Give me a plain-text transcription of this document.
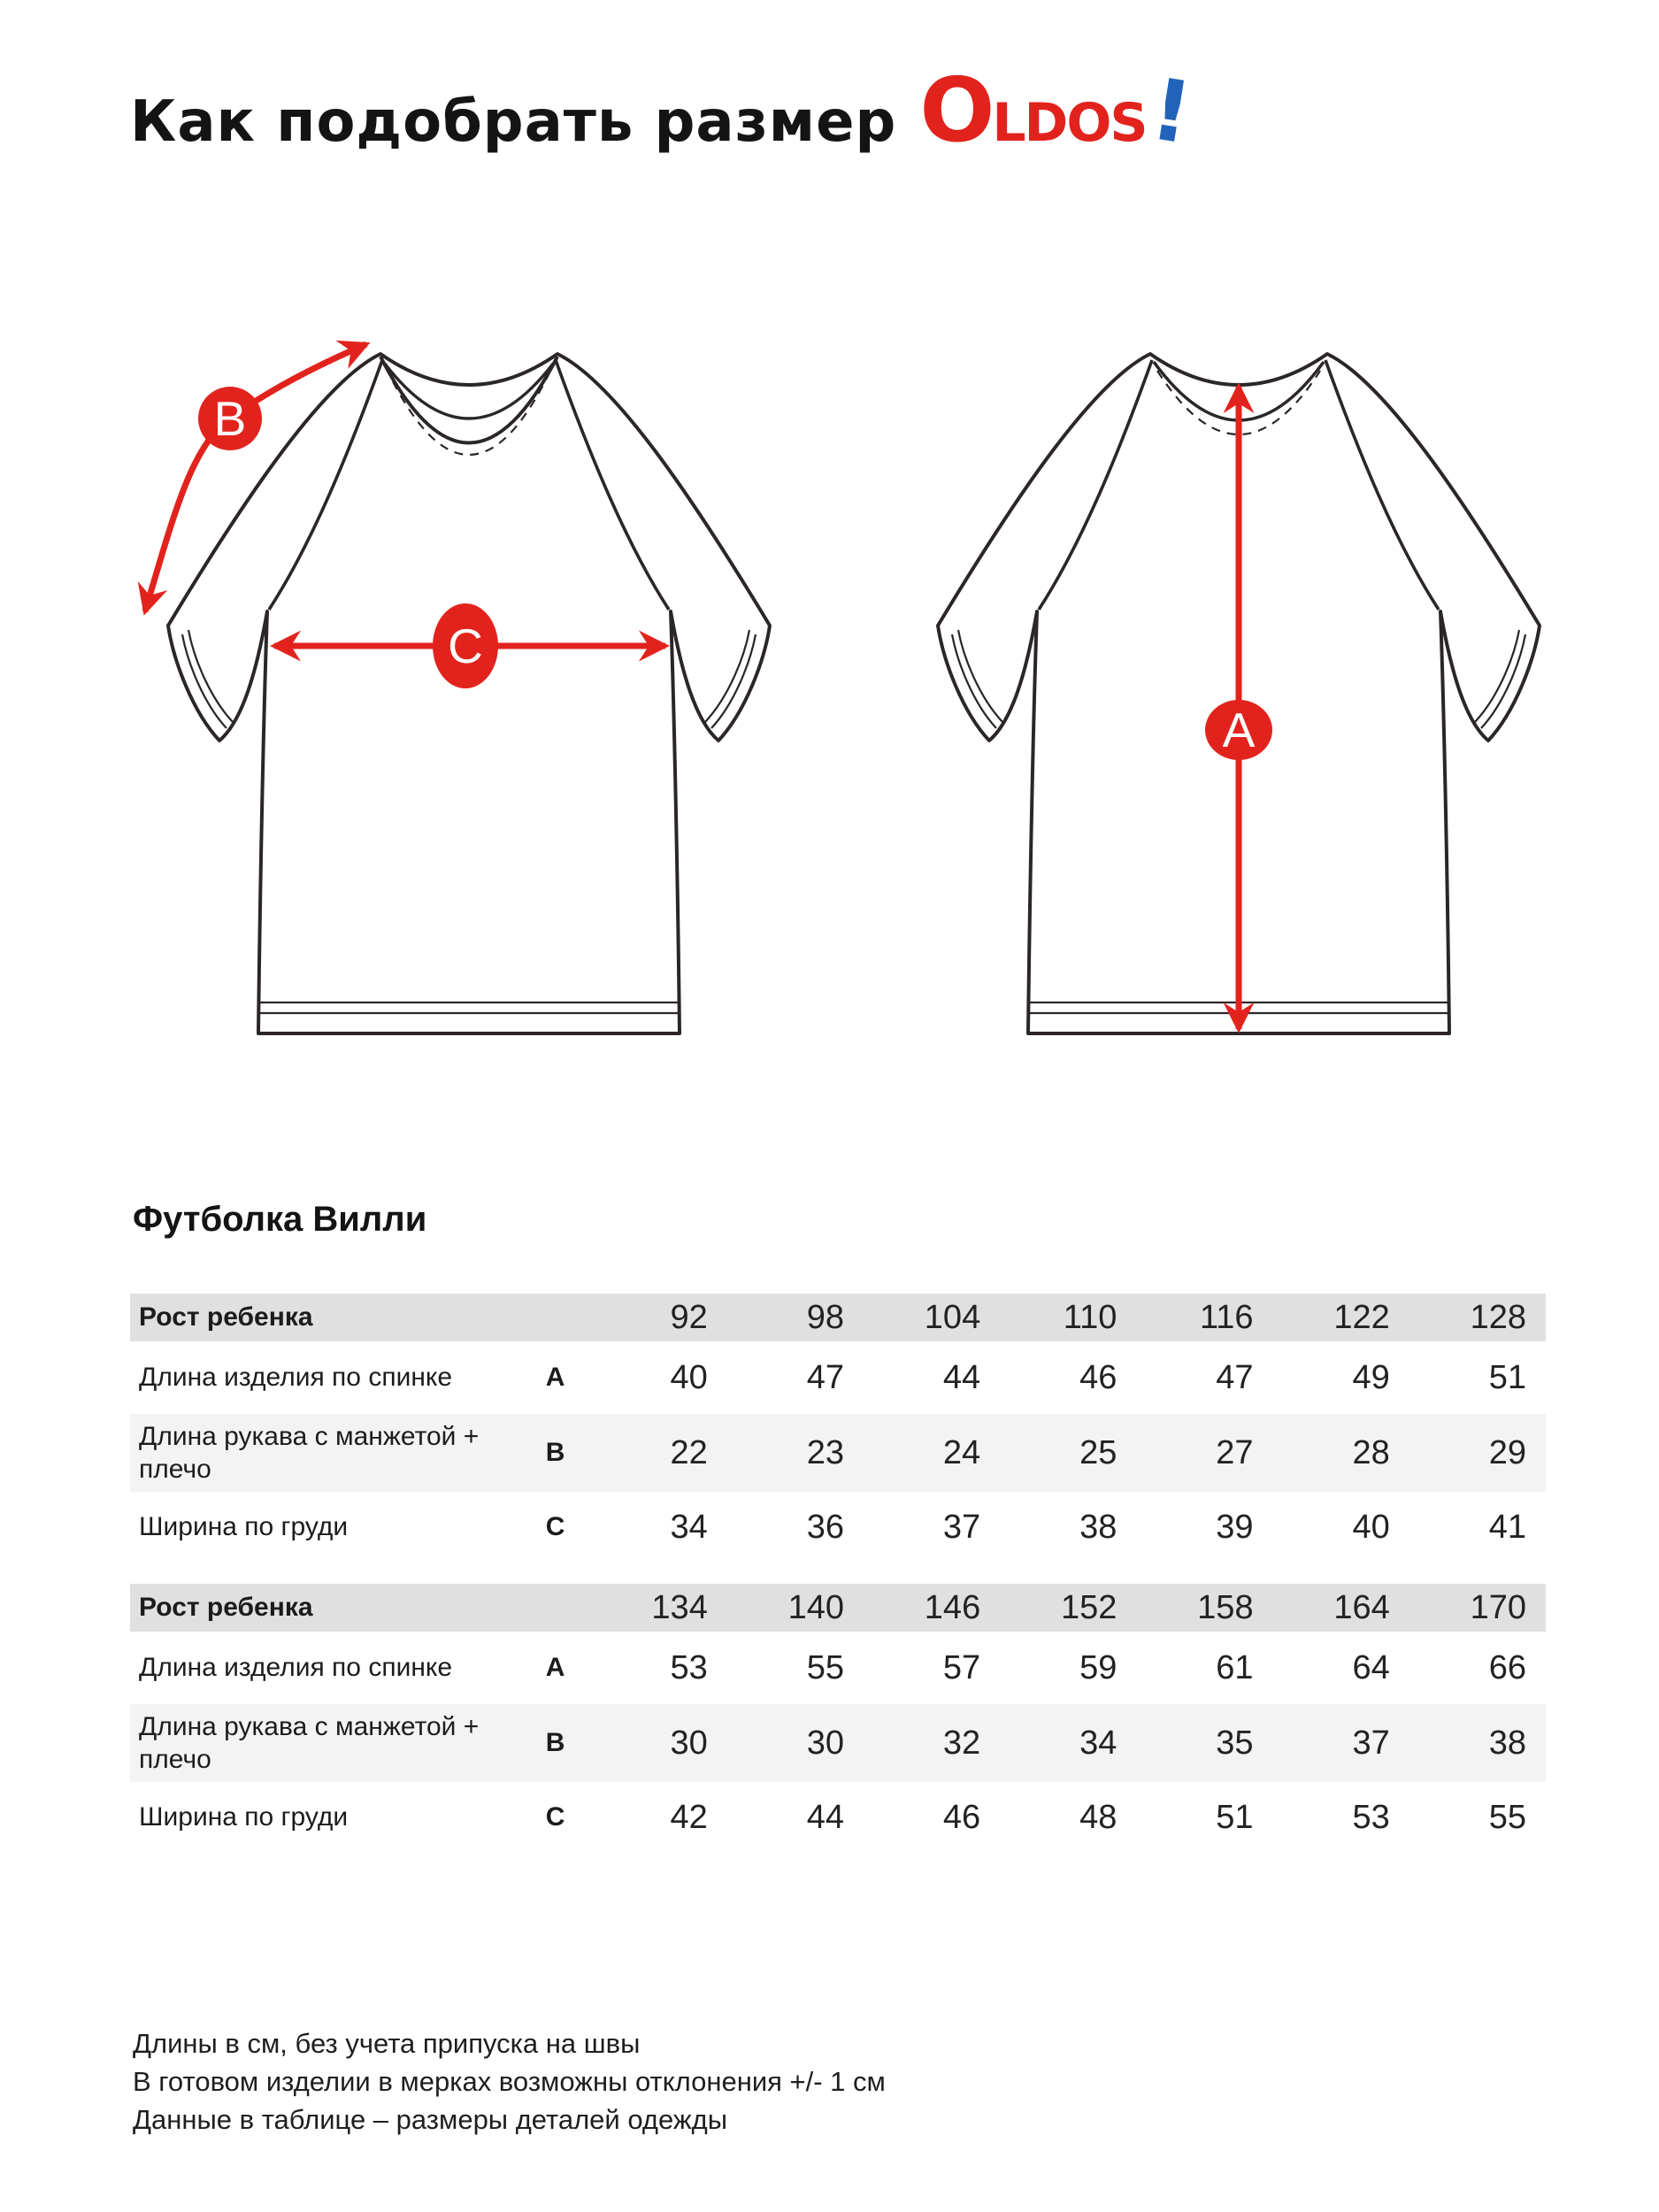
Как подобрать размер O LDOS
!
C
B
A
Футболка Вилли
Рост ребенка		92	98	104	110	116	122	128
Длина изделия по спинке	A	40	47	44	46	47	49	51
Длина рукава с манжетой + плечо	B	22	23	24	25	27	28	29
Ширина по груди	C	34	36	37	38	39	40	41
Рост ребенка		134	140	146	152	158	164	170
Длина изделия по спинке	A	53	55	57	59	61	64	66
Длина рукава с манжетой + плечо	B	30	30	32	34	35	37	38
Ширина по груди	C	42	44	46	48	51	53	55
Длины в см, без учета припуска на швы
В готовом изделии в мерках возможны отклонения +/- 1 см
Данные в таблице – размеры деталей одежды
